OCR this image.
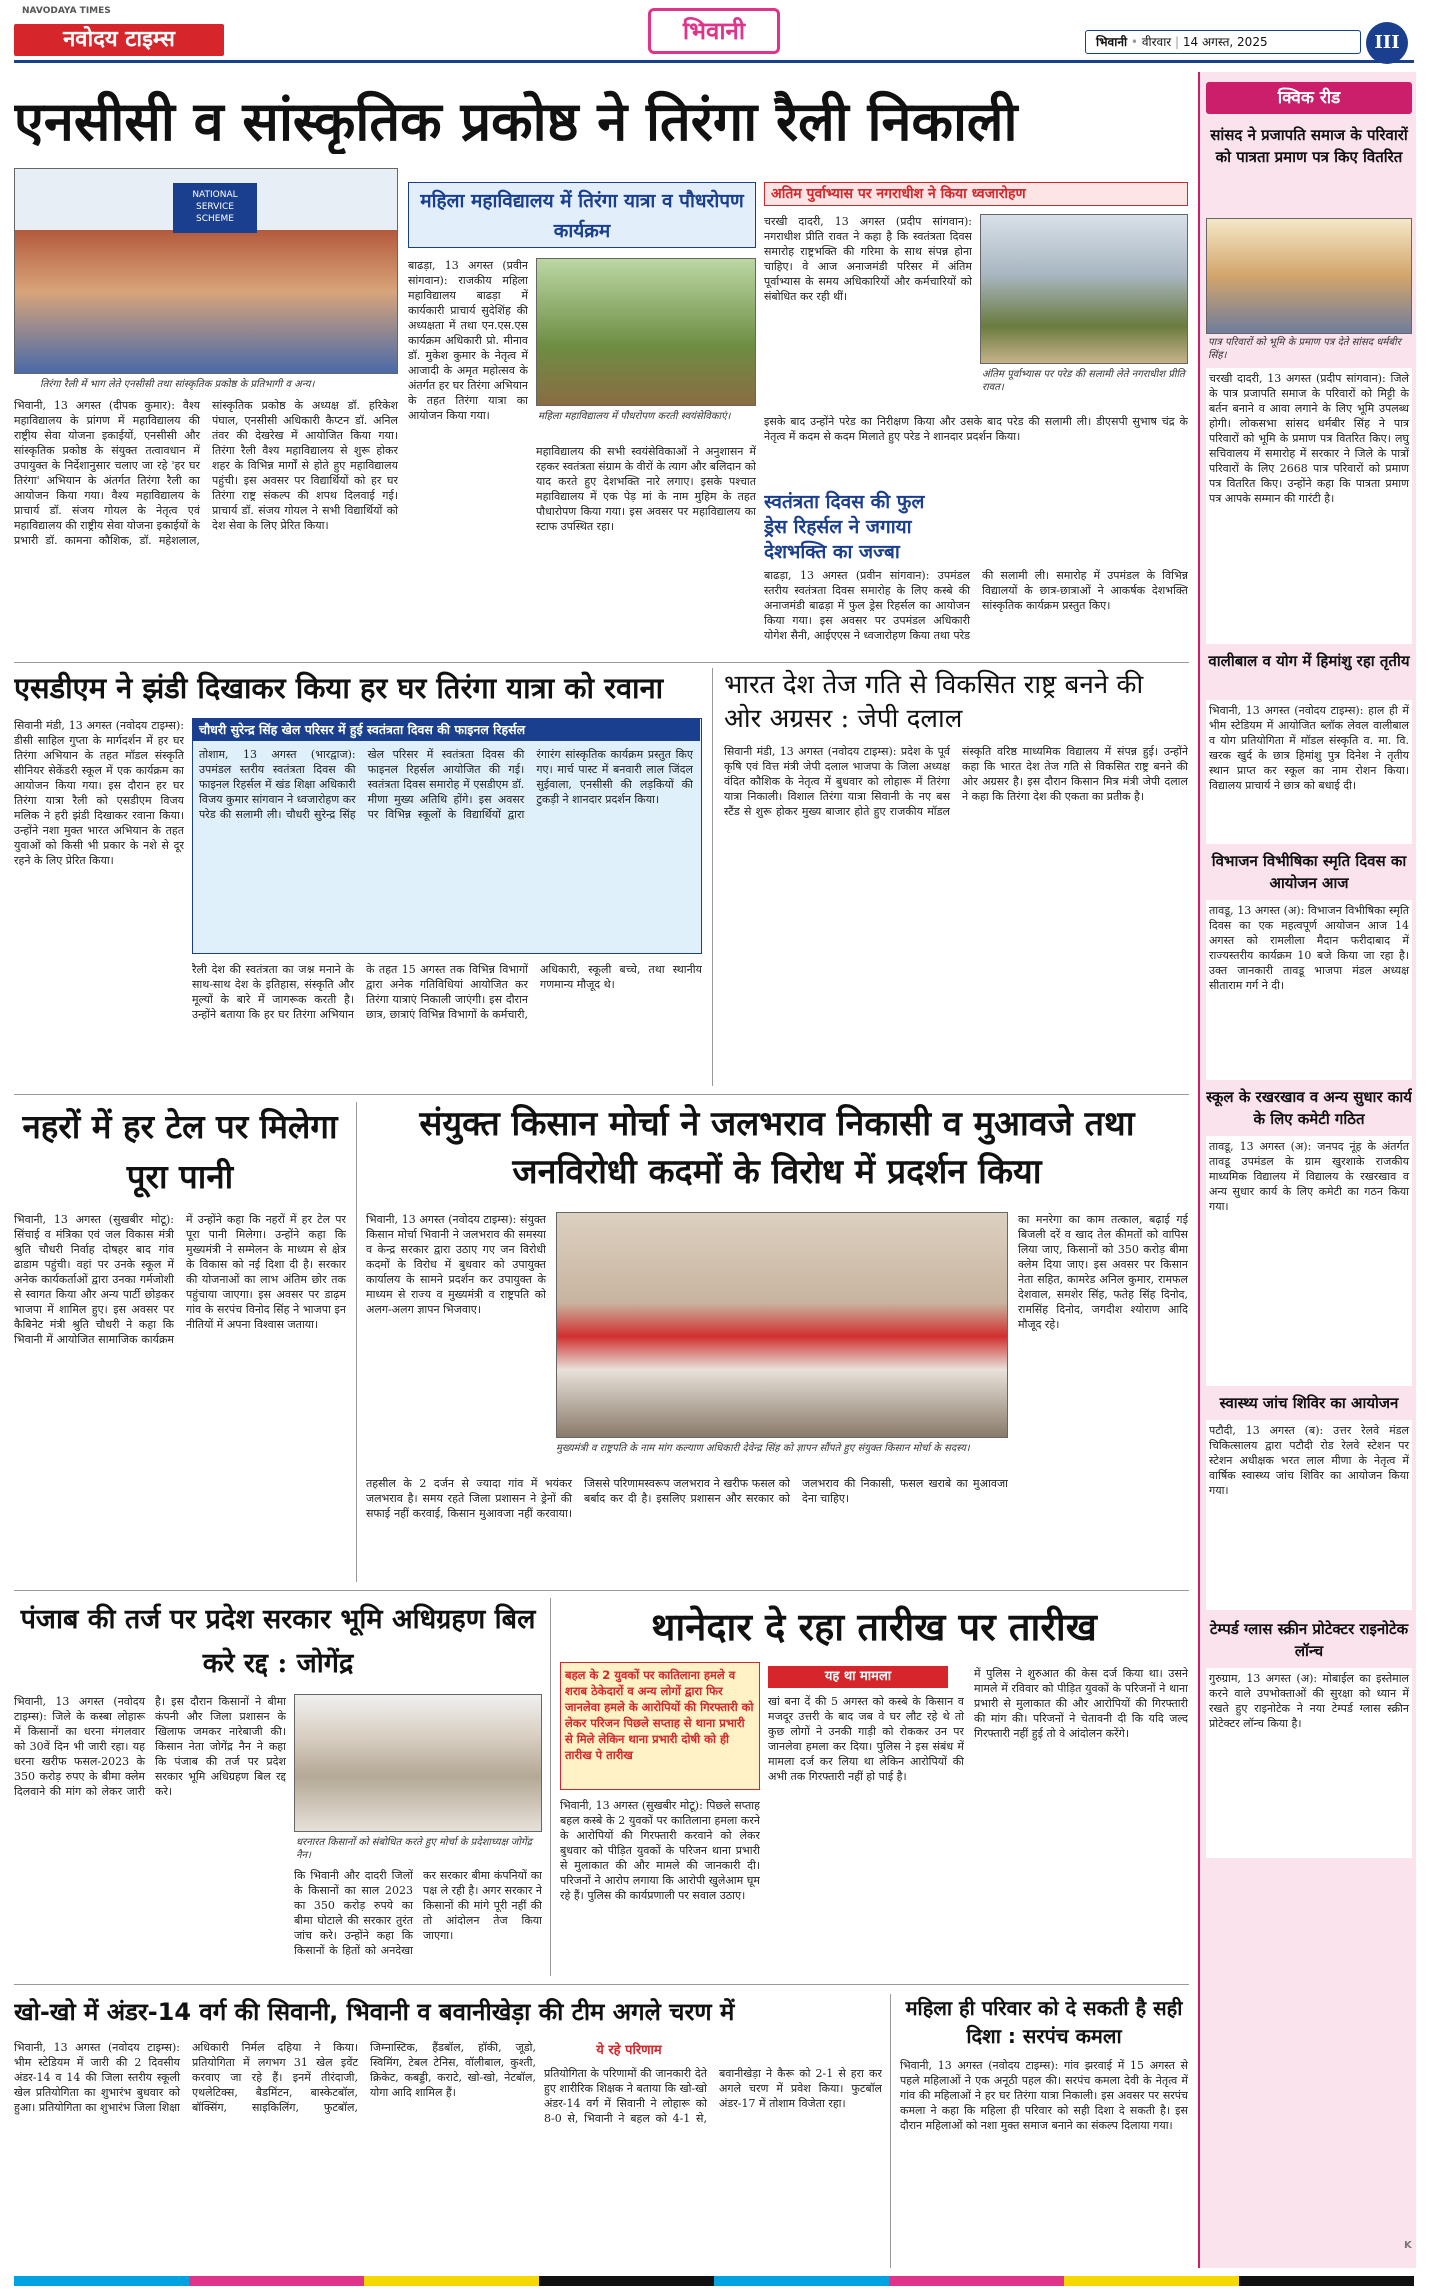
NAVODAYA TIMES
नवोदय टाइम्स	भिवानी	भिवानी • वीरवार | 14 अगस्त, 2025	III
एनसीसी व सांस्कृतिक प्रकोष्ठ ने तिरंगा रैली निकाली
NATIONAL
SERVICE
SCHEME
तिरंगा रैली में भाग लेते एनसीसी तथा सांस्कृतिक प्रकोष्ठ के प्रतिभागी व अन्य।
भिवानी, 13 अगस्त (दीपक कुमार): वैश्य महाविद्यालय के प्रांगण में महाविद्यालय की राष्ट्रीय सेवा योजना इकाईयों, एनसीसी और सांस्कृतिक प्रकोष्ठ के संयुक्त तत्वावधान में उपायुक्त के निर्देशानुसार चलाए जा रहे 'हर घर तिरंगा' अभियान के अंतर्गत तिरंगा रैली का आयोजन किया गया। वैश्य महाविद्यालय के प्राचार्य डॉ. संजय गोयल के नेतृत्व एवं महाविद्यालय की राष्ट्रीय सेवा योजना इकाईयों के प्रभारी डॉ. कामना कौशिक, डॉ. महेशलाल, सांस्कृतिक प्रकोष्ठ के अध्यक्ष डॉ. हरिकेश पंघाल, एनसीसी अधिकारी कैप्टन डॉ. अनिल तंवर की देखरेख में आयोजित किया गया। तिरंगा रैली वैश्य महाविद्यालय से शुरू होकर शहर के विभिन्न मार्गों से होते हुए महाविद्यालय पहुंची। इस अवसर पर विद्यार्थियों को हर घर तिरंगा राष्ट्र संकल्प की शपथ दिलवाई गई। प्राचार्य डॉ. संजय गोयल ने सभी विद्यार्थियों को देश सेवा के लिए प्रेरित किया।
महिला महाविद्यालय में तिरंगा यात्रा व पौधरोपण कार्यक्रम
बाढड़ा, 13 अगस्त (प्रवीन सांगवान): राजकीय महिला महाविद्यालय बाढड़ा में कार्यकारी प्राचार्य सुदेशिंह की अध्यक्षता में तथा एन.एस.एस कार्यक्रम अधिकारी प्रो. मीनाव डॉ. मुकेश कुमार के नेतृत्व में आजादी के अमृत महोत्सव के अंतर्गत हर घर तिरंगा अभियान के तहत तिरंगा यात्रा का आयोजन किया गया।	महिला महाविद्यालय में पौधरोपण करती स्वयंसेविकाएं।
महाविद्यालय की सभी स्वयंसेविकाओं ने अनुशासन में रहकर स्वतंत्रता संग्राम के वीरों के त्याग और बलिदान को याद करते हुए देशभक्ति नारे लगाए। इसके पश्चात महाविद्यालय में एक पेड़ मां के नाम मुहिम के तहत पौधारोपण किया गया। इस अवसर पर महाविद्यालय का स्टाफ उपस्थित रहा।
अतिम पुर्वाभ्यास पर नगराधीश ने किया ध्वजारोहण
चरखी दादरी, 13 अगस्त (प्रदीप सांगवान): नगराधीश प्रीति रावत ने कहा है कि स्वतंत्रता दिवस समारोह राष्ट्रभक्ति की गरिमा के साथ संपन्न होना चाहिए। वे आज अनाजमंडी परिसर में अंतिम पूर्वाभ्यास के समय अधिकारियों और कर्मचारियों को संबोधित कर रही थीं।
अंतिम पूर्वाभ्यास पर परेड की सलामी लेते नगराधीश प्रीति रावत।
इसके बाद उन्होंने परेड का निरीक्षण किया और उसके बाद परेड की सलामी ली। डीएसपी सुभाष चंद्र के नेतृत्व में कदम से कदम मिलाते हुए परेड ने शानदार प्रदर्शन किया।
स्वतंत्रता दिवस की फुल ड्रेस रिहर्सल ने जगाया देशभक्ति का जज्बा
बाढड़ा, 13 अगस्त (प्रवीन सांगवान): उपमंडल स्तरीय स्वतंत्रता दिवस समारोह के लिए कस्बे की अनाजमंडी बाढड़ा में फुल ड्रेस रिहर्सल का आयोजन किया गया। इस अवसर पर उपमंडल अधिकारी योगेश सैनी, आईएएस ने ध्वजारोहण किया तथा परेड की सलामी ली। समारोह में उपमंडल के विभिन्न विद्यालयों के छात्र-छात्राओं ने आकर्षक देशभक्ति सांस्कृतिक कार्यक्रम प्रस्तुत किए।
एसडीएम ने झंडी दिखाकर किया हर घर तिरंगा यात्रा को रवाना
सिवानी मंडी, 13 अगस्त (नवोदय टाइम्स): डीसी साहिल गुप्ता के मार्गदर्शन में हर घर तिरंगा अभियान के तहत मॉडल संस्कृति सीनियर सेकेंडरी स्कूल में एक कार्यक्रम का आयोजन किया गया। इस दौरान हर घर तिरंगा यात्रा रैली को एसडीएम विजय मलिक ने हरी झंडी दिखाकर रवाना किया। उन्होंने नशा मुक्त भारत अभियान के तहत युवाओं को किसी भी प्रकार के नशे से दूर रहने के लिए प्रेरित किया।
चौधरी सुरेन्द्र सिंह खेल परिसर में हुई स्वतंत्रता दिवस की फाइनल रिहर्सल
तोशाम, 13 अगस्त (भारद्वाज): उपमंडल स्तरीय स्वतंत्रता दिवस की फाइनल रिहर्सल में खंड शिक्षा अधिकारी विजय कुमार सांगवान ने ध्वजारोहण कर परेड की सलामी ली। चौधरी सुरेन्द्र सिंह खेल परिसर में स्वतंत्रता दिवस की फाइनल रिहर्सल आयोजित की गई। स्वतंत्रता दिवस समारोह में एसडीएम डॉ. मीणा मुख्य अतिथि होंगे। इस अवसर पर विभिन्न स्कूलों के विद्यार्थियों द्वारा रंगारंग सांस्कृतिक कार्यक्रम प्रस्तुत किए गए। मार्च पास्ट में बनवारी लाल जिंदल सुईवाला, एनसीसी की लड़कियों की टुकड़ी ने शानदार प्रदर्शन किया।
रैली देश की स्वतंत्रता का जश्न मनाने के साथ-साथ देश के इतिहास, संस्कृति और मूल्यों के बारे में जागरूक करती है। उन्होंने बताया कि हर घर तिरंगा अभियान के तहत 15 अगस्त तक विभिन्न विभागों द्वारा अनेक गतिविधियां आयोजित कर तिरंगा यात्राएं निकाली जाएंगी। इस दौरान छात्र, छात्राएं विभिन्न विभागों के कर्मचारी, अधिकारी, स्कूली बच्चे, तथा स्थानीय गणमान्य मौजूद थे।
भारत देश तेज गति से विकसित राष्ट्र बनने की ओर अग्रसर : जेपी दलाल
सिवानी मंडी, 13 अगस्त (नवोदय टाइम्स): प्रदेश के पूर्व कृषि एवं वित्त मंत्री जेपी दलाल भाजपा के जिला अध्यक्ष वंदित कौशिक के नेतृत्व में बुधवार को लोहारू में तिरंगा यात्रा निकाली। विशाल तिरंगा यात्रा सिवानी के नए बस स्टैंड से शुरू होकर मुख्य बाजार होते हुए राजकीय मॉडल संस्कृति वरिष्ठ माध्यमिक विद्यालय में संपन्न हुई। उन्होंने कहा कि भारत देश तेज गति से विकसित राष्ट्र बनने की ओर अग्रसर है। इस दौरान किसान मित्र मंत्री जेपी दलाल ने कहा कि तिरंगा देश की एकता का प्रतीक है।
नहरों में हर टेल पर मिलेगा पूरा पानी
भिवानी, 13 अगस्त (सुखबीर मोटू): सिंचाई व मंत्रिका एवं जल विकास मंत्री श्रुति चौधरी निर्वाह दोषहर बाद गांव ढाडाम पहुंची। वहां पर उनके स्कूल में अनेक कार्यकर्ताओं द्वारा उनका गर्मजोशी से स्वागत किया और अन्य पार्टी छोड़कर भाजपा में शामिल हुए। इस अवसर पर कैबिनेट मंत्री श्रुति चौधरी ने कहा कि भिवानी में आयोजित सामाजिक कार्यक्रम में उन्होंने कहा कि नहरों में हर टेल पर पूरा पानी मिलेगा। उन्होंने कहा कि मुख्यमंत्री ने सम्मेलन के माध्यम से क्षेत्र के विकास को नई दिशा दी है। सरकार की योजनाओं का लाभ अंतिम छोर तक पहुंचाया जाएगा। इस अवसर पर डाढ़म गांव के सरपंच विनोद सिंह ने भाजपा इन नीतियों में अपना विश्वास जताया।
संयुक्त किसान मोर्चा ने जलभराव निकासी व मुआवजे तथा जनविरोधी कदमों के विरोध में प्रदर्शन किया
भिवानी, 13 अगस्त (नवोदय टाइम्स): संयुक्त किसान मोर्चा भिवानी ने जलभराव की समस्या व केन्द्र सरकार द्वारा उठाए गए जन विरोधी कदमों के विरोध में बुधवार को उपायुक्त कार्यालय के सामने प्रदर्शन कर उपायुक्त के माध्यम से राज्य व मुख्यमंत्री व राष्ट्रपति को अलग-अलग ज्ञापन भिजवाए।
मुख्यमंत्री व राष्ट्रपति के नाम मांग कल्याण अधिकारी देवेन्द्र सिंह को ज्ञापन सौंपते हुए संयुक्त किसान मोर्चा के सदस्य।
तहसील के 2 दर्जन से ज्यादा गांव में भयंकर जलभराव है। समय रहते जिला प्रशासन ने ड्रेनों की सफाई नहीं करवाई, किसान मुआवजा नहीं करवाया। जिससे परिणामस्वरूप जलभराव ने खरीफ फसल को बर्बाद कर दी है। इसलिए प्रशासन और सरकार को जलभराव की निकासी, फसल खराबे का मुआवजा देना चाहिए।
का मनरेगा का काम तत्काल, बढ़ाई गई बिजली दरें व खाद तेल कीमतों को वापिस लिया जाए, किसानों को 350 करोड़ बीमा क्लेम दिया जाए। इस अवसर पर किसान नेता सहित, कामरेड अनिल कुमार, रामफल देशवाल, समशेर सिंह, फतेह सिंह दिनोद, रामसिंह दिनोद, जगदीश श्योराण आदि मौजूद रहे।
पंजाब की तर्ज पर प्रदेश सरकार भूमि अधिग्रहण बिल करे रद्द : जोगेंद्र
भिवानी, 13 अगस्त (नवोदय टाइम्स): जिले के कस्बा लोहारू में किसानों का धरना मंगलवार को 30वें दिन भी जारी रहा। यह धरना खरीफ फसल-2023 के 350 करोड़ रुपए के बीमा क्लेम दिलवाने की मांग को लेकर जारी है। इस दौरान किसानों ने बीमा कंपनी और जिला प्रशासन के खिलाफ जमकर नारेबाजी की। किसान नेता जोगेंद्र नैन ने कहा कि पंजाब की तर्ज पर प्रदेश सरकार भूमि अधिग्रहण बिल रद्द करे।
धरनारत किसानों को संबोधित करते हुए मोर्चा के प्रदेशाध्यक्ष जोगेंद्र नैन।
कि भिवानी और दादरी जिलों के किसानों का साल 2023 का 350 करोड़ रुपये का बीमा घोटाले की सरकार तुरंत जांच करे। उन्होंने कहा कि किसानों के हितों को अनदेखा कर सरकार बीमा कंपनियों का पक्ष ले रही है। अगर सरकार ने किसानों की मांगे पूरी नहीं की तो आंदोलन तेज किया जाएगा।
थानेदार दे रहा तारीख पर तारीख
बहल के 2 युवकों पर कातिलाना हमले व शराब ठेकेदारों व अन्य लोगों द्वारा फिर जानलेवा हमले के आरोपियों की गिरफ्तारी को लेकर परिजन पिछले सप्ताह से थाना प्रभारी से मिले लेकिन थाना प्रभारी दोषी को ही तारीख पे तारीख
भिवानी, 13 अगस्त (सुखबीर मोटू): पिछले सप्ताह बहल कस्बे के 2 युवकों पर कातिलाना हमला करने के आरोपियों की गिरफ्तारी करवाने को लेकर बुधवार को पीड़ित युवकों के परिजन थाना प्रभारी से मुलाकात की और मामले की जानकारी दी। परिजनों ने आरोप लगाया कि आरोपी खुलेआम घूम रहे हैं। पुलिस की कार्यप्रणाली पर सवाल उठाए।
यह था मामला
खां बना दें की 5 अगस्त को कस्बे के किसान व मजदूर उत्तरी के बाद जब वे घर लौट रहे थे तो कुछ लोगों ने उनकी गाड़ी को रोककर उन पर जानलेवा हमला कर दिया। पुलिस ने इस संबंध में मामला दर्ज कर लिया था लेकिन आरोपियों की अभी तक गिरफ्तारी नहीं हो पाई है।
में पुलिस ने शुरुआत की केस दर्ज किया था। उसने मामले में रविवार को पीड़ित युवकों के परिजनों ने थाना प्रभारी से मुलाकात की और आरोपियों की गिरफ्तारी की मांग की। परिजनों ने चेतावनी दी कि यदि जल्द गिरफ्तारी नहीं हुई तो वे आंदोलन करेंगे।
खो-खो में अंडर-14 वर्ग की सिवानी, भिवानी व बवानीखेड़ा की टीम अगले चरण में
भिवानी, 13 अगस्त (नवोदय टाइम्स): भीम स्टेडियम में जारी की 2 दिवसीय अंडर-14 व 14 की जिला स्तरीय स्कूली खेल प्रतियोगिता का शुभारंभ बुधवार को हुआ। प्रतियोगिता का शुभारंभ जिला शिक्षा अधिकारी निर्मल दहिया ने किया। प्रतियोगिता में लगभग 31 खेल इवेंट करवाए जा रहे हैं। इनमें तीरंदाजी, एथलेटिक्स, बैडमिंटन, बास्केटबॉल, बॉक्सिंग, साइकिलिंग, फुटबॉल, जिम्नास्टिक, हैंडबॉल, हॉकी, जूडो, स्विमिंग, टेबल टेनिस, वॉलीबाल, कुश्ती, क्रिकेट, कबड्डी, कराटे, खो-खो, नेटबॉल, योगा आदि शामिल हैं।
ये रहे परिणाम
प्रतियोगिता के परिणामों की जानकारी देते हुए शारीरिक शिक्षक ने बताया कि खो-खो अंडर-14 वर्ग में सिवानी ने लोहारू को 8-0 से, भिवानी ने बहल को 4-1 से, बवानीखेड़ा ने कैरू को 2-1 से हरा कर अगले चरण में प्रवेश किया। फुटबॉल अंडर-17 में तोशाम विजेता रहा।
महिला ही परिवार को दे सकती है सही दिशा : सरपंच कमला
भिवानी, 13 अगस्त (नवोदय टाइम्स): गांव झरवाई में 15 अगस्त से पहले महिलाओं ने एक अनूठी पहल की। सरपंच कमला देवी के नेतृत्व में गांव की महिलाओं ने हर घर तिरंगा यात्रा निकाली। इस अवसर पर सरपंच कमला ने कहा कि महिला ही परिवार को सही दिशा दे सकती है। इस दौरान महिलाओं को नशा मुक्त समाज बनाने का संकल्प दिलाया गया।
क्विक रीड
सांसद ने प्रजापति समाज के परिवारों को पात्रता प्रमाण पत्र किए वितरित
पात्र परिवारों को भूमि के प्रमाण पत्र देते सांसद धर्मबीर सिंह।
चरखी दादरी, 13 अगस्त (प्रदीप सांगवान): जिले के पात्र प्रजापति समाज के परिवारों को मिट्टी के बर्तन बनाने व आवा लगाने के लिए भूमि उपलब्ध होगी। लोकसभा सांसद धर्मबीर सिंह ने पात्र परिवारों को भूमि के प्रमाण पत्र वितरित किए। लघु सचिवालय में समारोह में सरकार ने जिले के पात्रों परिवारों के लिए 2668 पात्र परिवारों को प्रमाण पत्र वितरित किए। उन्होंने कहा कि पात्रता प्रमाण पत्र आपके सम्मान की गारंटी है।
वालीबाल व योग में हिमांशु रहा तृतीय
भिवानी, 13 अगस्त (नवोदय टाइम्स): हाल ही में भीम स्टेडियम में आयोजित ब्लॉक लेवल वालीबाल व योग प्रतियोगिता में मॉडल संस्कृति व. मा. वि. खरक खुर्द के छात्र हिमांशु पुत्र दिनेश ने तृतीय स्थान प्राप्त कर स्कूल का नाम रोशन किया। विद्यालय प्राचार्य ने छात्र को बधाई दी।
विभाजन विभीषिका स्मृति दिवस का आयोजन आज
तावडू, 13 अगस्त (अ): विभाजन विभीषिका स्मृति दिवस का एक महत्वपूर्ण आयोजन आज 14 अगस्त को रामलीला मैदान फरीदाबाद में राज्यस्तरीय कार्यक्रम 10 बजे किया जा रहा है। उक्त जानकारी तावडू भाजपा मंडल अध्यक्ष सीताराम गर्ग ने दी।
स्कूल के रखरखाव व अन्य सुधार कार्य के लिए कमेटी गठित
तावडू, 13 अगस्त (अ): जनपद नूंह के अंतर्गत तावडू उपमंडल के ग्राम खुरशाके राजकीय माध्यमिक विद्यालय में विद्यालय के रखरखाव व अन्य सुधार कार्य के लिए कमेटी का गठन किया गया।
स्वास्थ्य जांच शिविर का आयोजन
पटौदी, 13 अगस्त (ब): उत्तर रेलवे मंडल चिकित्सालय द्वारा पटौदी रोड रेलवे स्टेशन पर स्टेशन अधीक्षक भरत लाल मीणा के नेतृत्व में वार्षिक स्वास्थ्य जांच शिविर का आयोजन किया गया।
टेम्पर्ड ग्लास स्क्रीन प्रोटेक्टर राइनोटेक लॉन्च
गुरुग्राम, 13 अगस्त (अ): मोबाईल का इस्तेमाल करने वाले उपभोक्ताओं की सुरक्षा को ध्यान में रखते हुए राइनोटेक ने नया टेम्पर्ड ग्लास स्क्रीन प्रोटेक्टर लॉन्च किया है।
K
